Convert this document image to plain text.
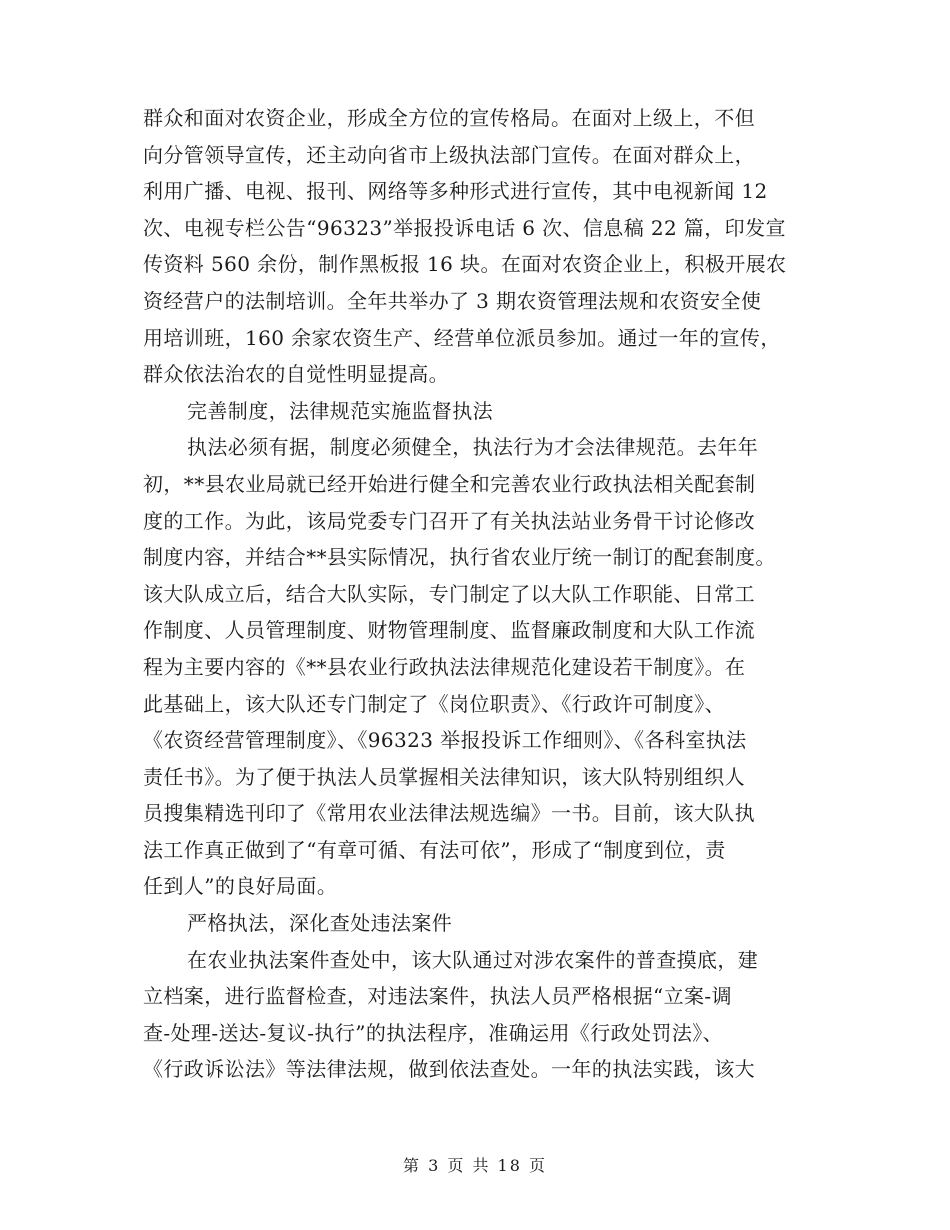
群众和面对农资企业，形成全方位的宣传格局。在面对上级上，不但
向分管领导宣传，还主动向省市上级执法部门宣传。在面对群众上，
利用广播、电视、报刊、网络等多种形式进行宣传，其中电视新闻 12
次、电视专栏公告“96323”举报投诉电话 6 次、信息稿 22 篇，印发宣
传资料 560 余份，制作黑板报 16 块。在面对农资企业上，积极开展农
资经营户的法制培训。全年共举办了 3 期农资管理法规和农资安全使
用培训班，160 余家农资生产、经营单位派员参加。通过一年的宣传，
群众依法治农的自觉性明显提高。
完善制度，法律规范实施监督执法
执法必须有据，制度必须健全，执法行为才会法律规范。去年年
初，**县农业局就已经开始进行健全和完善农业行政执法相关配套制
度的工作。为此，该局党委专门召开了有关执法站业务骨干讨论修改
制度内容，并结合**县实际情况，执行省农业厅统一制订的配套制度。
该大队成立后，结合大队实际，专门制定了以大队工作职能、日常工
作制度、人员管理制度、财物管理制度、监督廉政制度和大队工作流
程为主要内容的《**县农业行政执法法律规范化建设若干制度》。在
此基础上，该大队还专门制定了《岗位职责》、《行政许可制度》、
《农资经营管理制度》、《96323 举报投诉工作细则》、《各科室执法
责任书》。为了便于执法人员掌握相关法律知识，该大队特别组织人
员搜集精选刊印了《常用农业法律法规选编》一书。目前，该大队执
法工作真正做到了“有章可循、有法可依”，形成了“制度到位，责
任到人”的良好局面。
严格执法，深化查处违法案件
在农业执法案件查处中，该大队通过对涉农案件的普查摸底，建
立档案，进行监督检查，对违法案件，执法人员严格根据“立案-调
查-处理-送达-复议-执行”的执法程序，准确运用《行政处罚法》、
《行政诉讼法》等法律法规，做到依法查处。一年的执法实践，该大
第 3 页 共 18 页
